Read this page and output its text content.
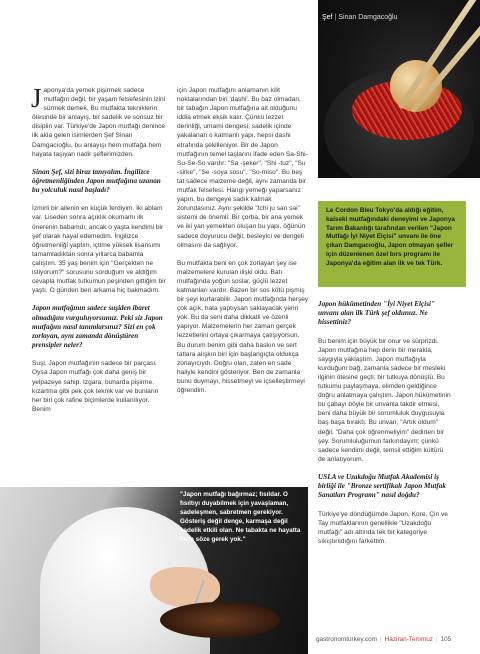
Şef | Sinan Damgacoğlu

Japonya'da yemek pişirmek sadece mutfağın değil, bir yaşam felsefesinin izini sürmek demek. Bu mutfakta tekniklerin ötesinde bir anlayış, bir sadelik ve sonsuz bir disiplin var. Türkiye'de Japon mutfağı denince ilk akla gelen isimlerden Şef Sinan Damgacıoğlu, bu anlayışı hem mutfağa hem hayata taşıyan nadir şeflerimizden.

Sinan Şef, sizi biraz tanıyalım. İngilizce öğretmenliğinden Japon mutfağına uzanan bu yolculuk nasıl başladı?

İzmirli bir ailenin en küçük ferdiyim. İki ablam var. Liseden sonra açıklık okumamı ilk önerenin babamdı; ancak o yaşta kendimi bir şef olarak hayal edemedim. İngilizce öğretmenliği yaptım, içtime yüksek lisansımı tamamladıktan sonra yıllarca babamla çalıştım. 35 yaş benim için "Gerçekten ne istiyorum?" sorusunu sorduğum ve aldığım cevapla mutfak tutkumun peşinden gittiğim bir yaştı. O günden beri arkama hiç bakmadım.

Japon mutfağının sadece suşiden ibaret olmadığını vurguluyorsunuz. Peki siz Japon mutfağını nasıl tanımlarsınız? Sizi en çok zorlayan, aynı zamanda dönüştüren prensipler neler?

Suşi, Japon mutfağının sadece bir parçası. Oysa Japon mutfağı çok daha geniş bir yelpazeye sahip. Izgara, buharda pişirme, kızartma gibi pek çok teknik var ve bunların her biri çok rafine biçimlerde kullanılıyor. Benim

için Japon mutfağını anlamanın kilit noktalarından biri 'dashi'. Bu baz olmadan, bir tabağın Japon mutfağına ait olduğunu iddia etmek eksik kalır. Çünkü lezzet derinliği, umami dengesi, sadelik içinde yakalanan o katmanlı yapı, hepsi dashi etrafında şekilleniyor. Bir de Japon mutfağının temel taşlarını ifade eden Sa-Shi-Su-Se-So vardır: "Sa -şeker", "Shi -tuz", "Su -sirke", "Se -soya sosu", "So-miso". Bu beş tat sadece malzeme değil, aynı zamanda bir mutfak felsefesi. Hangi yemeği yaparsanız yapın, bu dengeye sadık kalmak zorundasınız. Aynı şekilde "Ichi ju san sai" sistemi de önemli: Bir çorba, bir ana yemek ve iki yan yemekten oluşan bu yapı, öğünün sadece doyurucu değil, besleyici ve dengeli olmasını da sağlıyor.

Bu mutfakta beni en çok zorlayan şey ise malzemelere kurulan ilişki oldu. Batı mutfağında yoğun soslar, güçlü lezzet katmanları vardır. Bazen bir sos kötü pişmiş bir şeyi kurtarabilir. Japon mutfağında herşey çok açık, hata yaptıysan saklayacak yerin yok. Bu da seni daha dikkatli ve özenli yapıyor. Malzemelerin her zaman gerçek lezzetlerini ortaya çıkarmaya çalışıyorsun. Bu durum benim gibi daha baskın ve sert tatlara alışkın biri için başlangıçta oldukça zorlayıcıydı. Doğru olan, zaten en sade haliyle kendini gösteriyor. Ben de zamanla bunu duymayı, hissetmeyi ve içselleştirmeyi öğrendim.

Le Cordon Bleu Tokyo'da aldığı eğitim, kaiseki mutfağındaki deneyimi ve Japonya Tarım Bakanlığı tarafından verilen "Japon Mutfağı İyi Niyet Elçisi" unvanı ile öne çıkan Damgacıoğlu, Japon olmayan şefler için düzenlenen özel bırs programı ile Japonya'da eğitim alan ilk ve tek Türk.

Japon hükümetinden "İyi Niyet Elçisi" unvanı alan ilk Türk şef oldunuz. Ne hissettiniz?

Bu benim için büyük bir onur ve sürprizdi. Japon mutfağına hep derin bir merakla, saygıyla yaklaştım. Japon mutfağıyla kurduğum bağ, zamanla sadece bir mesleki ilginin ötesine geçti; bir tutkuya dönüştü. Bu tutkumu paylaşmaya, elimden geldiğince doğru anlatmaya çalıştım. Japon hükümetinin bu çabayı böyle bir unvanla takdir etmesi, beni daha büyük bir sorumluluk duygusuyla baş başa bıraktı. Bu unvan, "Artık oldum" değil, "Daha çok öğrenmeliyim" dedirten bir şey. Sorumluluğumun farkındayım; çünkü sadece kendimi değil, temsil ettiğim kültürü de anlatıyorum.

USLA ve Uzakdoğu Mutfak Akademisi iş birliği ile "Bronze sertifikalı Japon Mutfak Sanatları Programı" nasıl doğdu?

Türkiye'ye döndüğümde Japon, Kore, Çin ve Tay mutfaklarının genellikle "Uzakdoğu mutfağı" adı altında tek bir kategoriye sıkıştırıldığını farkettim.

"Japon mutfağı bağırmaz; fısıldar. O fısıltıyı duyabilmek için yavaşlaman, sadeleşmen, sabretmen gerekiyor. Gösteriş değil denge, karmaşa değil sadelik etkili olan. Ne tabakta ne hayatta fazla söze gerek yok."
gastronomturkey.com | Haziran-Temmuz | 105
